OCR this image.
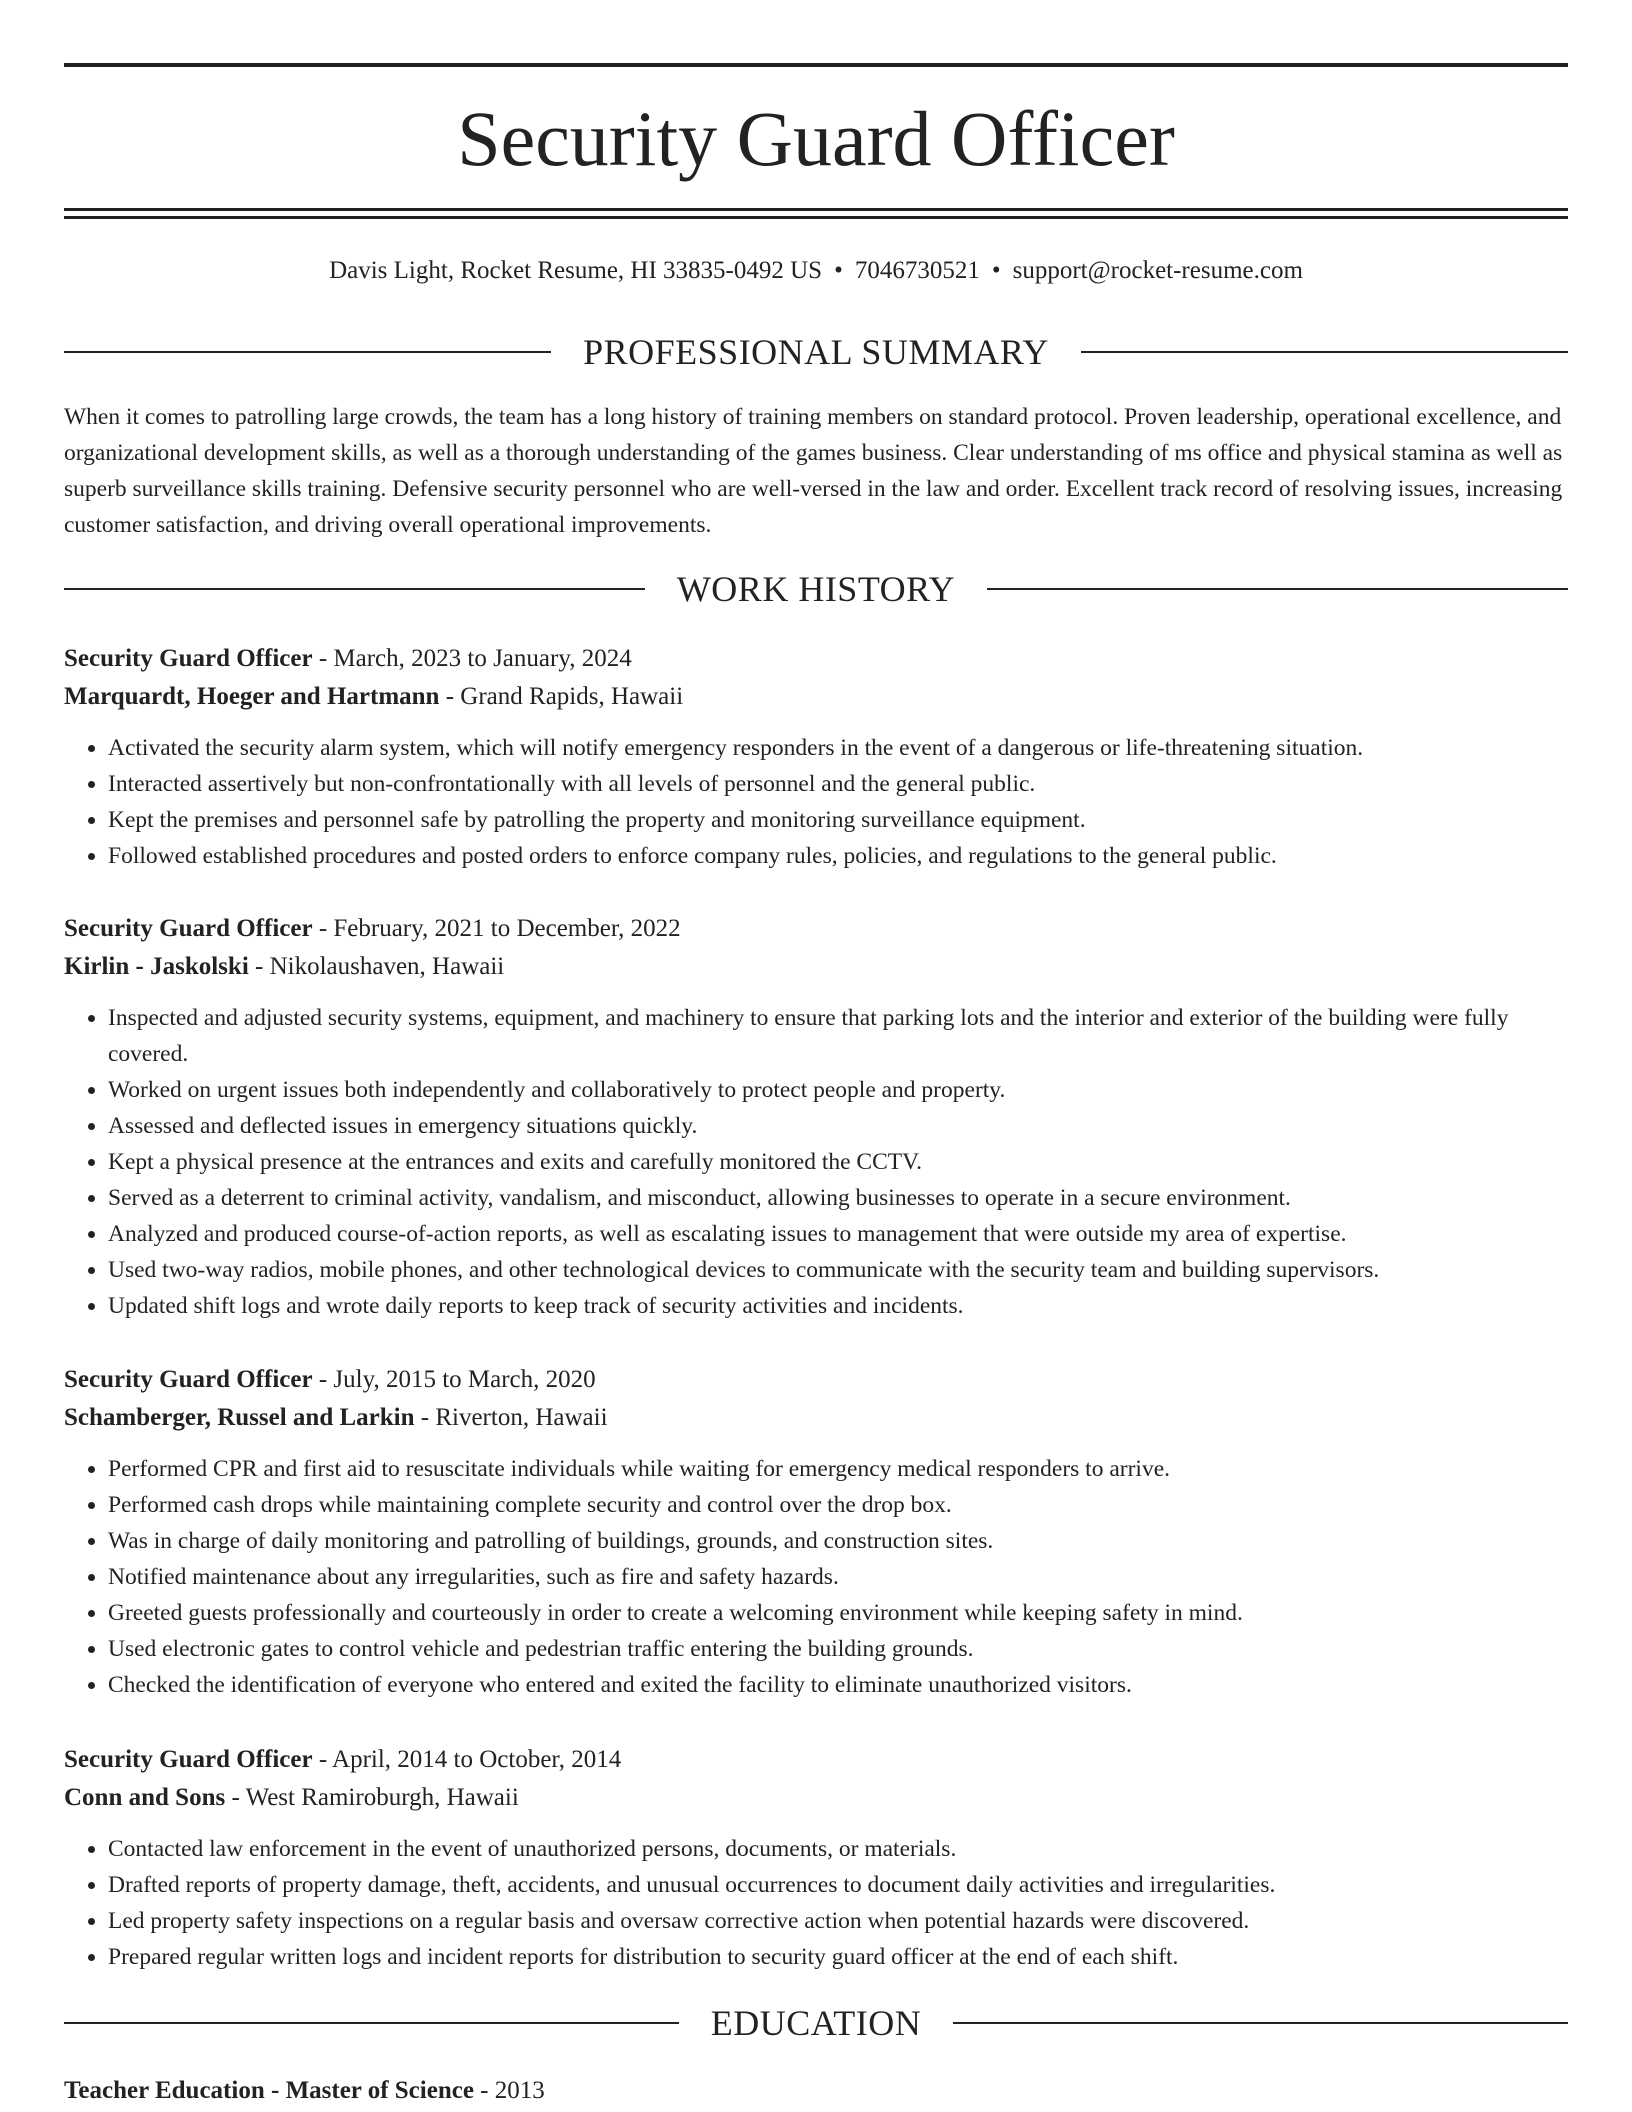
Security Guard Officer
Davis Light, Rocket Resume, HI 33835-0492 US • 7046730521 • support@rocket-resume.com
PROFESSIONAL SUMMARY

When it comes to patrolling large crowds, the team has a long history of training members on standard protocol. Proven leadership, operational excellence, and organizational development skills, as well as a thorough understanding of the games business. Clear understanding of ms office and physical stamina as well as superb surveillance skills training. Defensive security personnel who are well-versed in the law and order. Excellent track record of resolving issues, increasing customer satisfaction, and driving overall operational improvements.

WORK HISTORY
Security Guard Officer - March, 2023 to January, 2024
Marquardt, Hoeger and Hartmann - Grand Rapids, Hawaii
• Activated the security alarm system, which will notify emergency responders in the event of a dangerous or life-threatening situation.
• Interacted assertively but non-confrontationally with all levels of personnel and the general public.
• Kept the premises and personnel safe by patrolling the property and monitoring surveillance equipment.
• Followed established procedures and posted orders to enforce company rules, policies, and regulations to the general public.
Security Guard Officer - February, 2021 to December, 2022
Kirlin - Jaskolski - Nikolaushaven, Hawaii
• Inspected and adjusted security systems, equipment, and machinery to ensure that parking lots and the interior and exterior of the building were fully covered.
• Worked on urgent issues both independently and collaboratively to protect people and property.
• Assessed and deflected issues in emergency situations quickly.
• Kept a physical presence at the entrances and exits and carefully monitored the CCTV.
• Served as a deterrent to criminal activity, vandalism, and misconduct, allowing businesses to operate in a secure environment.
• Analyzed and produced course-of-action reports, as well as escalating issues to management that were outside my area of expertise.
• Used two-way radios, mobile phones, and other technological devices to communicate with the security team and building supervisors.
• Updated shift logs and wrote daily reports to keep track of security activities and incidents.
Security Guard Officer - July, 2015 to March, 2020
Schamberger, Russel and Larkin - Riverton, Hawaii
• Performed CPR and first aid to resuscitate individuals while waiting for emergency medical responders to arrive.
• Performed cash drops while maintaining complete security and control over the drop box.
• Was in charge of daily monitoring and patrolling of buildings, grounds, and construction sites.
• Notified maintenance about any irregularities, such as fire and safety hazards.
• Greeted guests professionally and courteously in order to create a welcoming environment while keeping safety in mind.
• Used electronic gates to control vehicle and pedestrian traffic entering the building grounds.
• Checked the identification of everyone who entered and exited the facility to eliminate unauthorized visitors.
Security Guard Officer - April, 2014 to October, 2014
Conn and Sons - West Ramiroburgh, Hawaii
• Contacted law enforcement in the event of unauthorized persons, documents, or materials.
• Drafted reports of property damage, theft, accidents, and unusual occurrences to document daily activities and irregularities.
• Led property safety inspections on a regular basis and oversaw corrective action when potential hazards were discovered.
• Prepared regular written logs and incident reports for distribution to security guard officer at the end of each shift.
EDUCATION
Teacher Education - Master of Science - 2013
